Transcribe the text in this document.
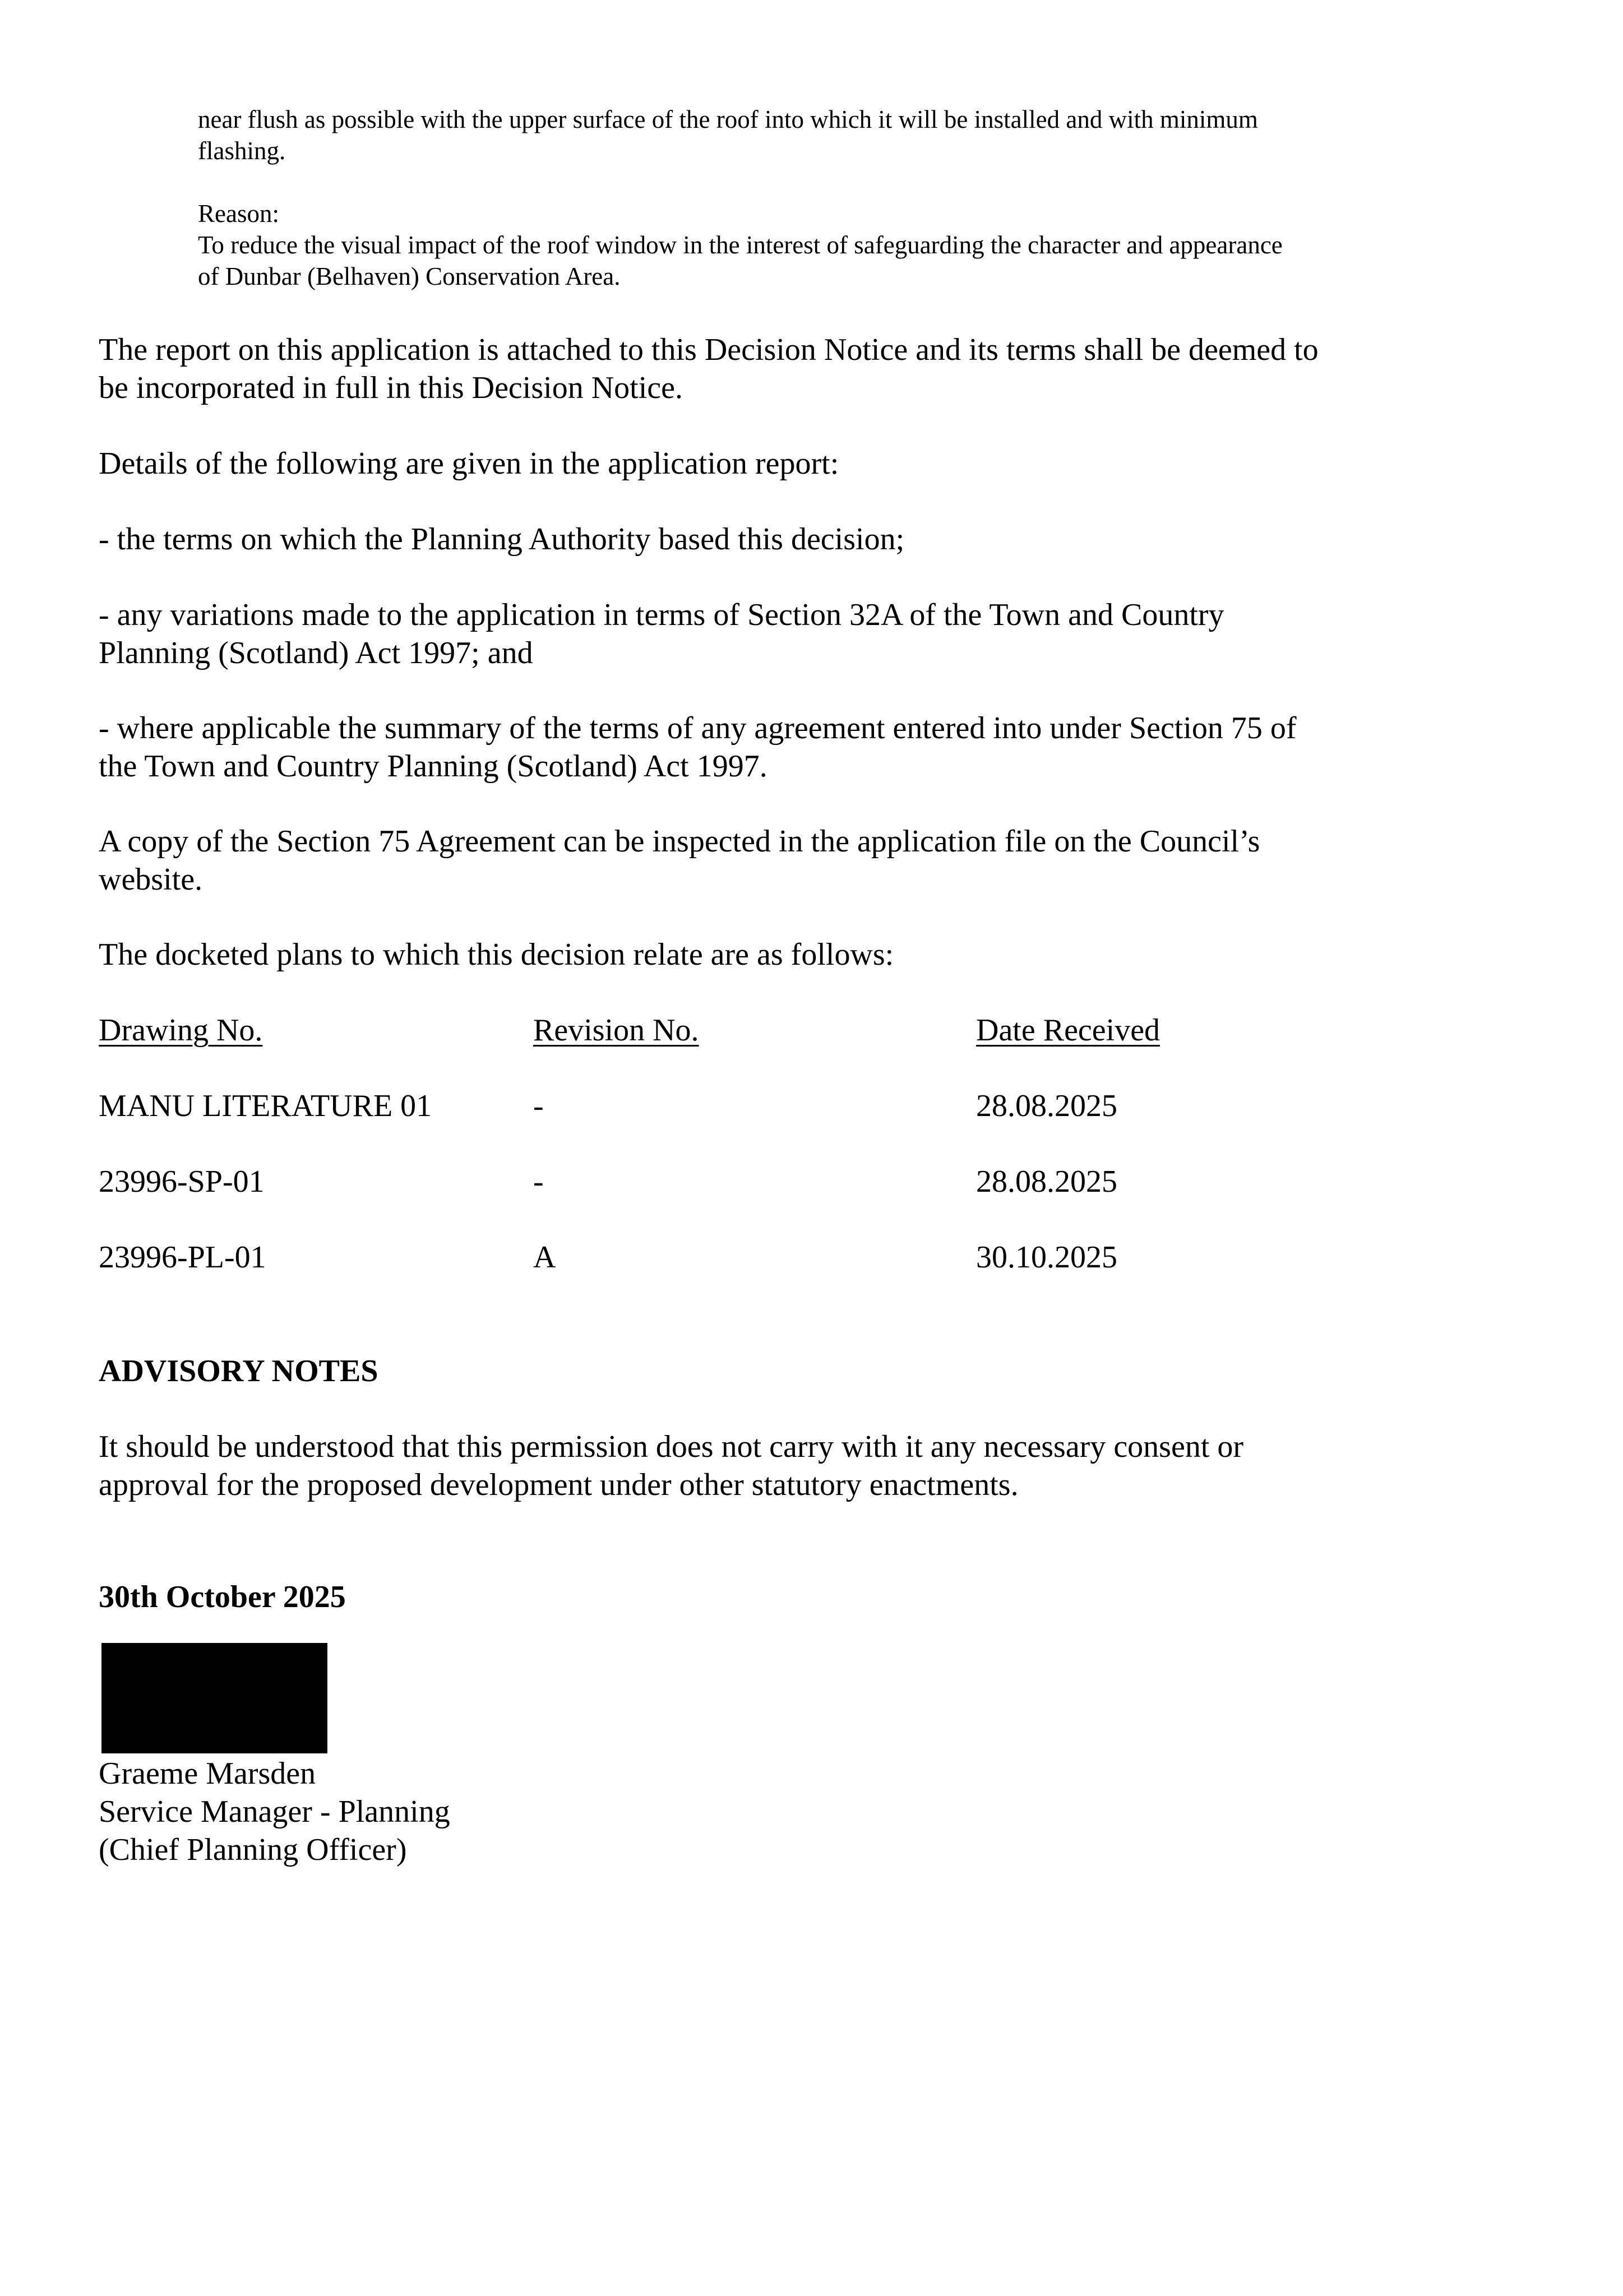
near flush as possible with the upper surface of the roof into which it will be installed and with minimum
flashing.
Reason:
To reduce the visual impact of the roof window in the interest of safeguarding the character and appearance
of Dunbar (Belhaven) Conservation Area.
The report on this application is attached to this Decision Notice and its terms shall be deemed to
be incorporated in full in this Decision Notice.
Details of the following are given in the application report:
- the terms on which the Planning Authority based this decision;
- any variations made to the application in terms of Section 32A of the Town and Country
Planning (Scotland) Act 1997; and
- where applicable the summary of the terms of any agreement entered into under Section 75 of
the Town and Country Planning (Scotland) Act 1997.
A copy of the Section 75 Agreement can be inspected in the application file on the Council’s
website.
The docketed plans to which this decision relate are as follows:
Drawing No.	Revision No.	Date Received
MANU LITERATURE 01	-	28.08.2025
23996-SP-01	-	28.08.2025
23996-PL-01	A	30.10.2025
ADVISORY NOTES
It should be understood that this permission does not carry with it any necessary consent or
approval for the proposed development under other statutory enactments.
30th October 2025
Graeme Marsden
Service Manager - Planning
(Chief Planning Officer)
